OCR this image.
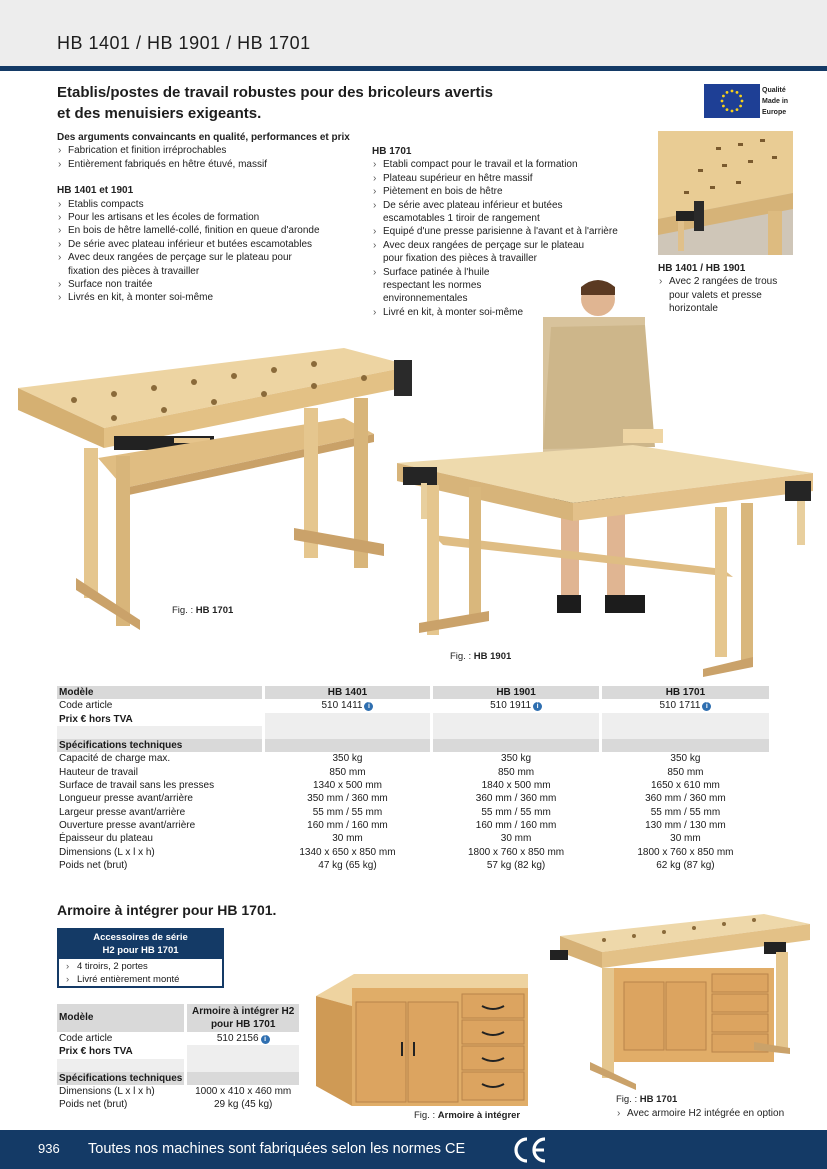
HB 1401 / HB 1901 / HB 1701
Etablis/postes de travail robustes pour des bricoleurs avertis
et des menuisiers exigeants.
Qualité
Made in
Europe
Des arguments convaincants en qualité, performances et prix
› Fabrication et finition irréprochables
› Entièrement fabriqués en hêtre étuvé, massif
HB 1401 et 1901
› Etablis compacts
› Pour les artisans et les écoles de formation
› En bois de hêtre lamellé-collé, finition en queue d'aronde
› De série avec plateau inférieur et butées escamotables
› Avec deux rangées de perçage sur le plateau pour
fixation des pièces à travailler
› Surface non traitée
› Livrés en kit, à monter soi-même
HB 1701
› Etabli compact pour le travail et la formation
› Plateau supérieur en hêtre massif
› Piètement en bois de hêtre
› De série avec plateau inférieur et butées
escamotables 1 tiroir de rangement
› Equipé d'une presse parisienne à l'avant et à l'arrière
› Avec deux rangées de perçage sur le plateau
pour fixation des pièces à travailler
› Surface patinée à l'huile
respectant les normes
environnementales
› Livré en kit, à monter soi-même
HB 1401 / HB 1901
› Avec 2 rangées de trous
pour valets et presse
horizontale
Fig. : HB 1701
Fig. : HB 1901
Modèle	HB 1401	HB 1901	HB 1701
Code article	510 1411 i	510 1911 i	510 1711 i
Prix € hors TVA			

Spécifications techniques			
Capacité de charge max.	350 kg	350 kg	350 kg
Hauteur de travail	850 mm	850 mm	850 mm
Surface de travail sans les presses	1340 x 500 mm	1840 x 500 mm	1650 x 610 mm
Longueur presse avant/arrière	350 mm / 360 mm	360 mm / 360 mm	360 mm / 360 mm
Largeur presse avant/arrière	55 mm / 55 mm	55 mm / 55 mm	55 mm / 55 mm
Ouverture presse avant/arrière	160 mm / 160 mm	160 mm / 160 mm	130 mm / 130 mm
Épaisseur du plateau	30 mm	30 mm	30 mm
Dimensions (L x l x h)	1340 x 650 x 850 mm	1800 x 760 x 850 mm	1800 x 760 x 850 mm
Poids net (brut)	47 kg (65 kg)	57 kg (82 kg)	62 kg (87 kg)
Armoire à intégrer pour HB 1701.
Accessoires de série
H2 pour HB 1701
› 4 tiroirs, 2 portes
› Livré entièrement monté
Modèle	Armoire à intégrer H2
pour HB 1701
Code article	510 2156 i
Prix € hors TVA	

Spécifications techniques	
Dimensions (L x l x h)	1000 x 410 x 460 mm
Poids net (brut)	29 kg (45 kg)
Fig. : Armoire à intégrer
Fig. : HB 1701
› Avec armoire H2 intégrée en option
936 Toutes nos machines sont fabriquées selon les normes CE
